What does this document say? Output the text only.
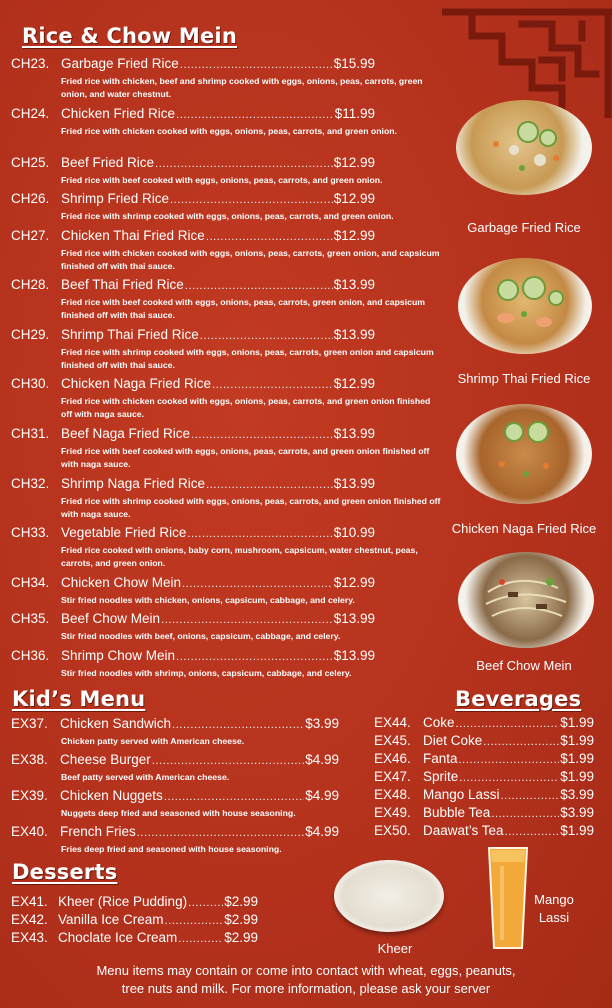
Rice & Chow Mein
CH23. Garbage Fried Rice .....	$15.99
Fried rice with chicken, beef and shrimp cooked with eggs, onions, peas, carrots, green onion, and water chestnut.
CH24. Chicken Fried Rice .....	$11.99
Fried rice with chicken cooked with eggs, onions, peas, carrots, and green onion.
CH25. Beef Fried Rice .....	$12.99
Fried rice with beef cooked with eggs, onions, peas, carrots, and green onion.
CH26. Shrimp Fried Rice .....	$12.99
Fried rice with shrimp cooked with eggs, onions, peas, carrots, and green onion.
CH27. Chicken Thai Fried Rice .....	$12.99
Fried rice with chicken cooked with eggs, onions, peas, carrots, green onion, and capsicum finished off with thai sauce.
CH28. Beef Thai Fried Rice .....	$13.99
Fried rice with beef cooked with eggs, onions, peas, carrots, green onion, and capsicum finished off with thai sauce.
CH29. Shrimp Thai Fried Rice .....	$13.99
Fried rice with shrimp cooked with eggs, onions, peas, carrots, green onion and capsicum finished off with thai sauce.
CH30. Chicken Naga Fried Rice .....	$12.99
Fried rice with chicken cooked with eggs, onions, peas, carrots, and green onion finished off with naga sauce.
CH31. Beef Naga Fried Rice .....	$13.99
Fried rice with beef cooked with eggs, onions, peas, carrots, and green onion finished off with naga sauce.
CH32. Shrimp Naga Fried Rice .....	$13.99
Fried rice with shrimp cooked with eggs, onions, peas, carrots, and green onion finished off with naga sauce.
CH33. Vegetable Fried Rice .....	$10.99
Fried rice cooked with onions, baby corn, mushroom, capsicum, water chestnut, peas, carrots, and green onion.
CH34. Chicken Chow Mein .....	$12.99
Stir fried noodles with chicken, onions, capsicum, cabbage, and celery.
CH35. Beef Chow Mein .....	$13.99
Stir fried noodles with beef, onions, capsicum, cabbage, and celery.
CH36. Shrimp Chow Mein .....	$13.99
Stir fried noodles with shrimp, onions, capsicum, cabbage, and celery.
Garbage Fried Rice
Shrimp Thai Fried Rice
Chicken Naga Fried Rice
Beef Chow Mein
Kid’s Menu
EX37. Chicken Sandwich .....	$3.99
Chicken patty served with American cheese.
EX38. Cheese Burger .....	$4.99
Beef patty served with American cheese.
EX39. Chicken Nuggets .....	$4.99
Nuggets deep fried and seasoned with house seasoning.
EX40. French Fries .....	$4.99
Fries deep fried and seasoned with house seasoning.
Beverages
EX44. Coke .....	$1.99
EX45. Diet Coke .....	$1.99
EX46. Fanta .....	$1.99
EX47. Sprite .....	$1.99
EX48. Mango Lassi .....	$3.99
EX49. Bubble Tea .....	$3.99
EX50. Daawat’s Tea .....	$1.99
Desserts
EX41. Kheer (Rice Pudding) .....	$2.99
EX42. Vanilla Ice Cream .....	$2.99
EX43. Choclate Ice Cream .....	$2.99
Kheer
Mango
Lassi
Menu items may contain or come into contact with wheat, eggs, peanuts,
tree nuts and milk. For more information, please ask your server
